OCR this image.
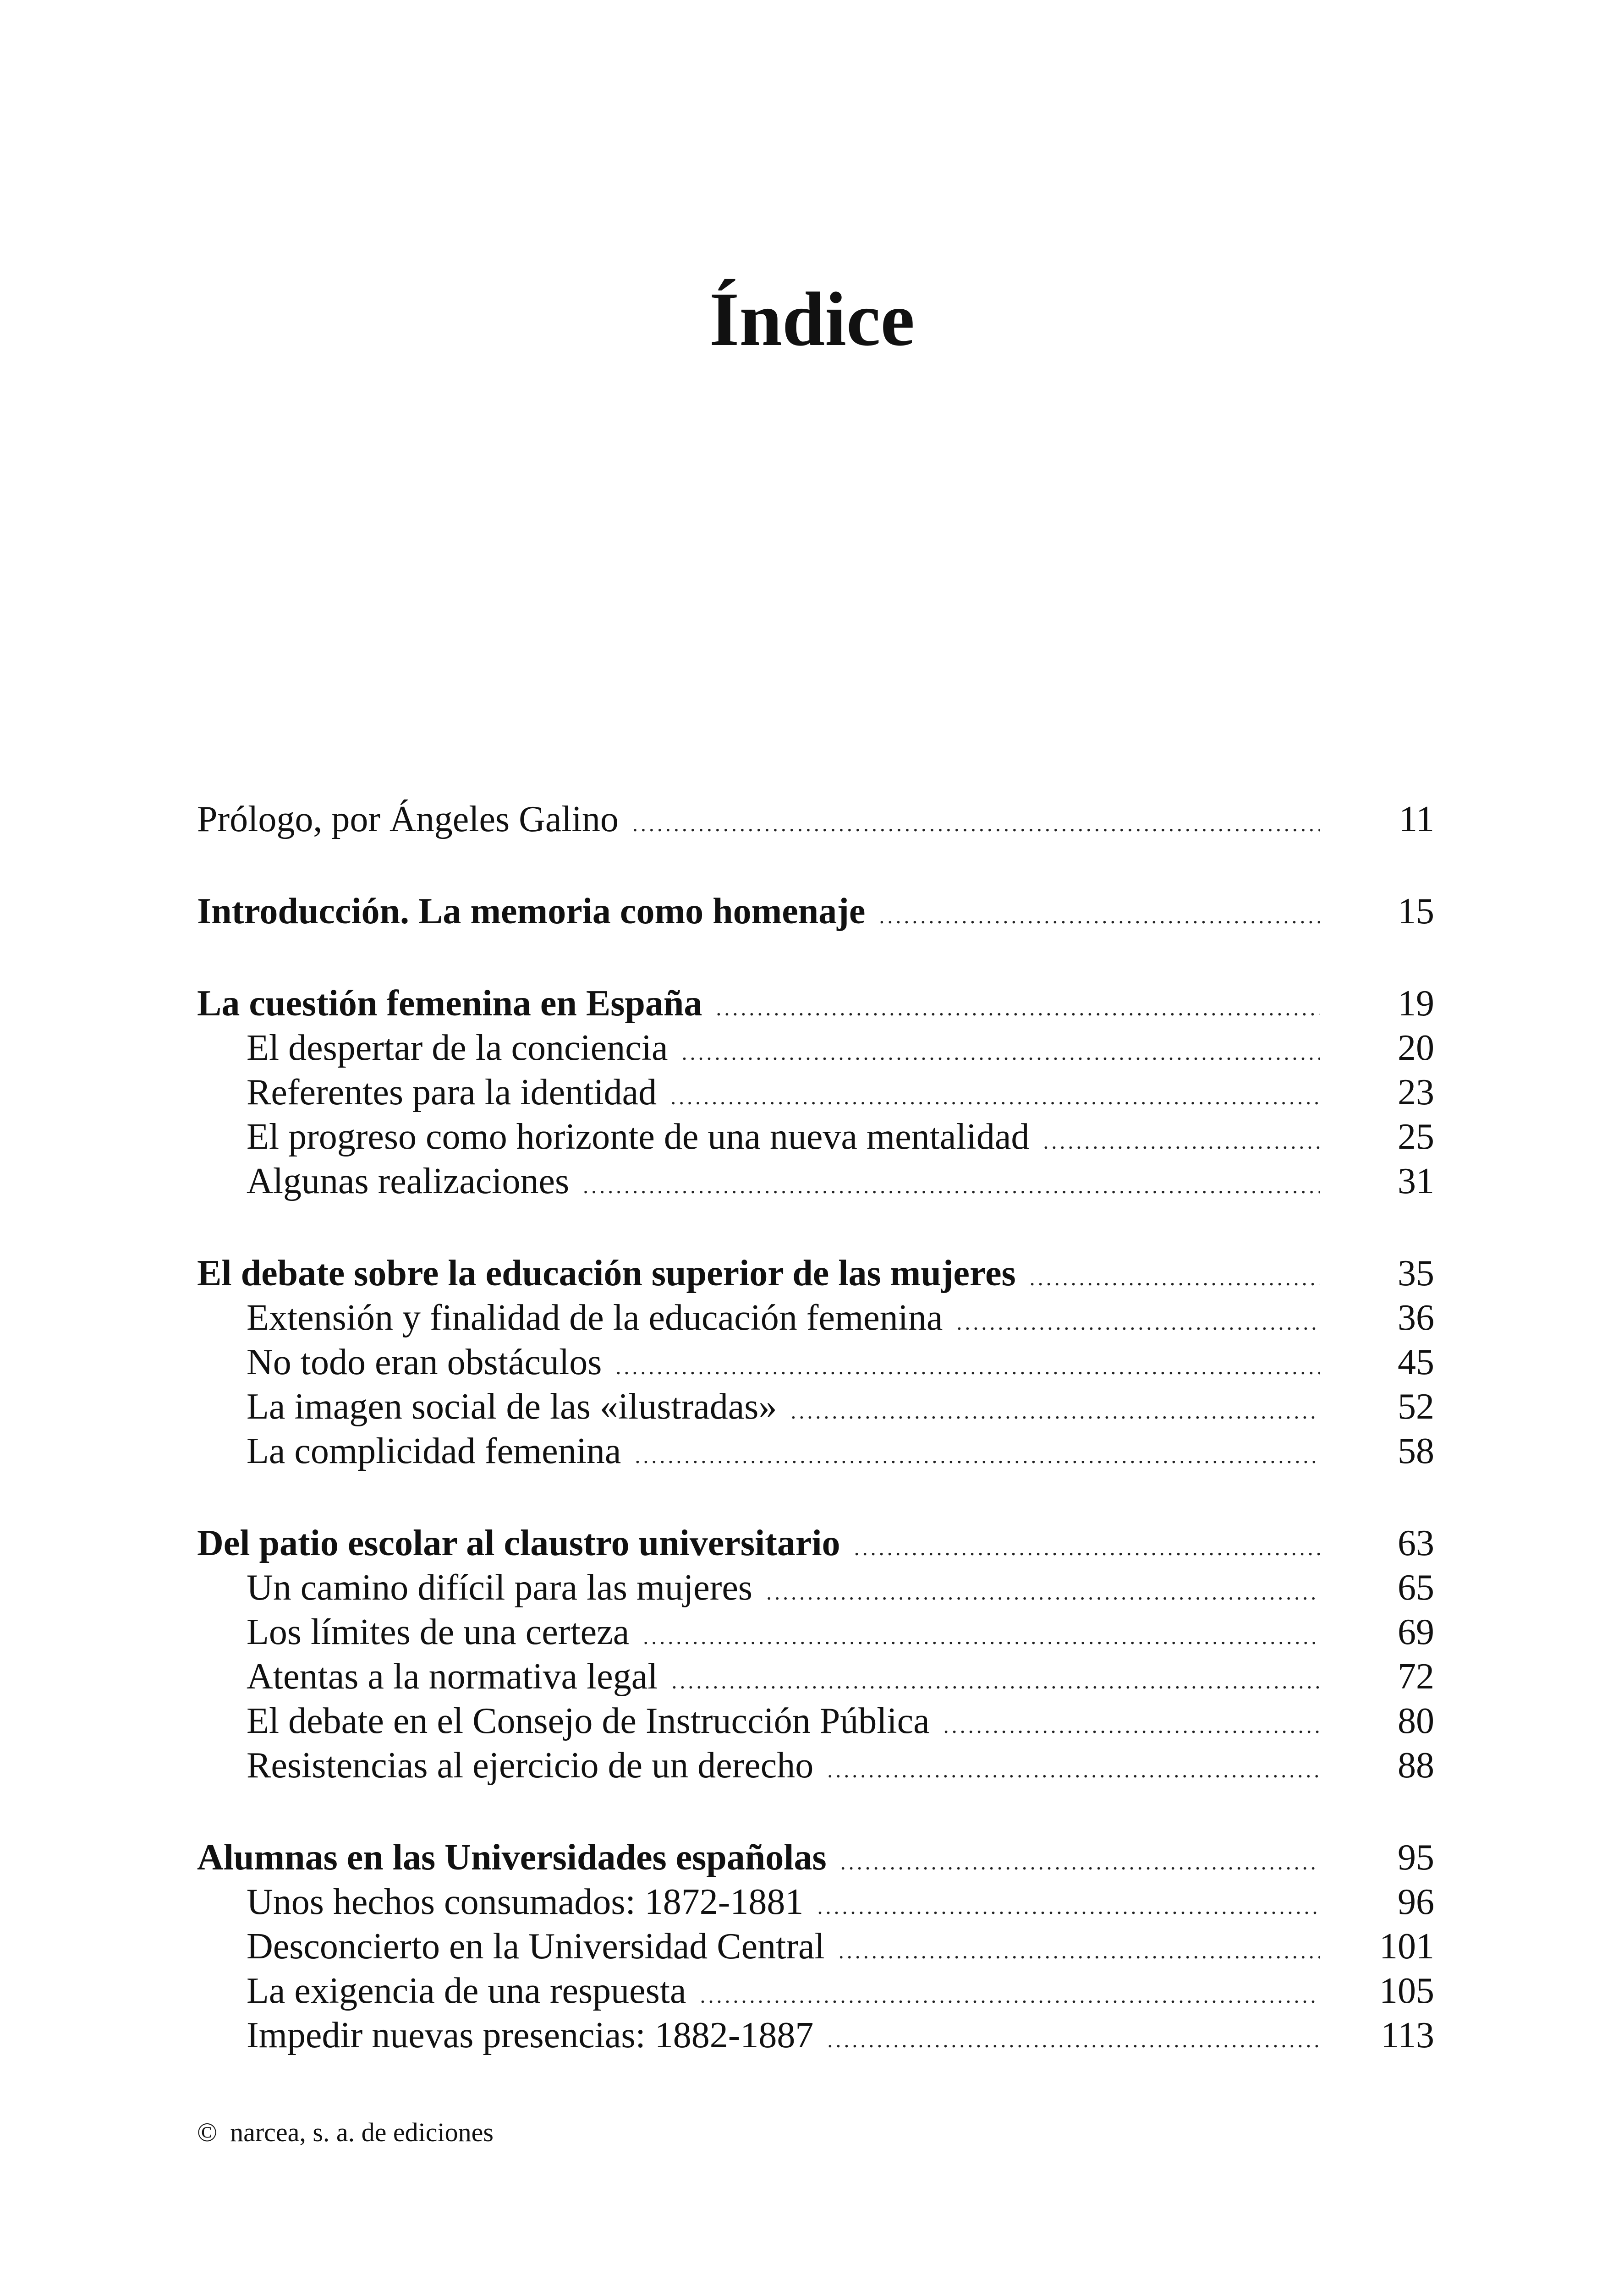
Índice
Prólogo, por Ángeles Galino .....	11
Introducción. La memoria como homenaje .....	15
La cuestión femenina en España .....	19
El despertar de la conciencia .....	20
Referentes para la identidad .....	23
El progreso como horizonte de una nueva mentalidad .....	25
Algunas realizaciones .....	31
El debate sobre la educación superior de las mujeres .....	35
Extensión y finalidad de la educación femenina .....	36
No todo eran obstáculos .....	45
La imagen social de las «ilustradas» .....	52
La complicidad femenina .....	58
Del patio escolar al claustro universitario .....	63
Un camino difícil para las mujeres .....	65
Los límites de una certeza .....	69
Atentas a la normativa legal .....	72
El debate en el Consejo de Instrucción Pública .....	80
Resistencias al ejercicio de un derecho .....	88
Alumnas en las Universidades españolas .....	95
Unos hechos consumados: 1872-1881 .....	96
Desconcierto en la Universidad Central .....	101
La exigencia de una respuesta .....	105
Impedir nuevas presencias: 1882-1887 .....	113
© narcea, s. a. de ediciones
